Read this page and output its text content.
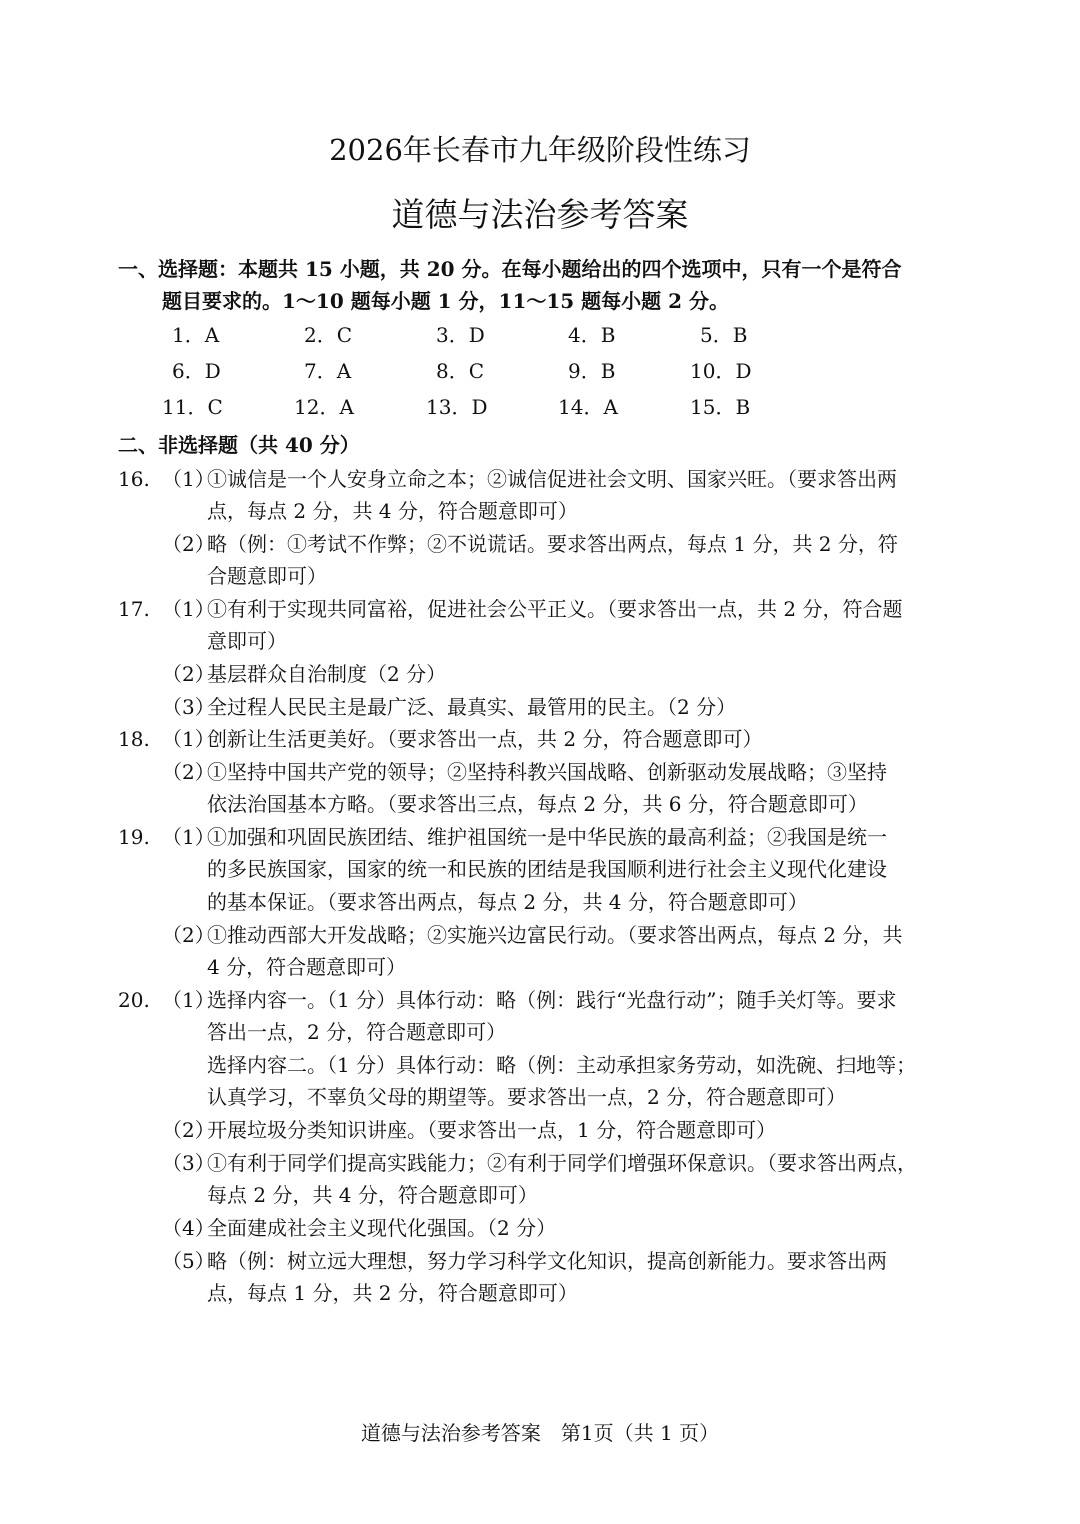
2026年长春市九年级阶段性练习
道德与法治参考答案
一、选择题：本题共 15 小题，共 20 分。在每小题给出的四个选项中，只有一个是符合
题目要求的。1～10 题每小题 1 分，11～15 题每小题 2 分。
1．A	2．C	3．D	4．B	5．B
6．D	7．A	8．C	9．B	10．D
11．C	12．A	13．D	14．A	15．B
二、非选择题（共 40 分）
16. （1）
①诚信是一个人安身立命之本；②诚信促进社会文明、国家兴旺。（要求答出两
点，每点 2 分，共 4 分，符合题意即可）
（2）
略（例：①考试不作弊；②不说谎话。要求答出两点，每点 1 分，共 2 分，符
合题意即可）
17. （1）
①有利于实现共同富裕，促进社会公平正义。（要求答出一点，共 2 分，符合题
意即可）
（2）
基层群众自治制度（2 分）
（3）
全过程人民民主是最广泛、最真实、最管用的民主。（2 分）
18. （1）
创新让生活更美好。（要求答出一点，共 2 分，符合题意即可）
（2）
①坚持中国共产党的领导；②坚持科教兴国战略、创新驱动发展战略；③坚持
依法治国基本方略。（要求答出三点，每点 2 分，共 6 分，符合题意即可）
19. （1）
①加强和巩固民族团结、维护祖国统一是中华民族的最高利益；②我国是统一
的多民族国家，国家的统一和民族的团结是我国顺利进行社会主义现代化建设
的基本保证。（要求答出两点，每点 2 分，共 4 分，符合题意即可）
（2）
①推动西部大开发战略；②实施兴边富民行动。（要求答出两点，每点 2 分，共
4 分，符合题意即可）
20. （1）
选择内容一。（1 分）具体行动：略（例：践行“光盘行动”；随手关灯等。要求
答出一点，2 分，符合题意即可）
选择内容二。（1 分）具体行动：略（例：主动承担家务劳动，如洗碗、扫地等；
认真学习，不辜负父母的期望等。要求答出一点，2 分，符合题意即可）
（2）
开展垃圾分类知识讲座。（要求答出一点，1 分，符合题意即可）
（3）
①有利于同学们提高实践能力；②有利于同学们增强环保意识。（要求答出两点，
每点 2 分，共 4 分，符合题意即可）
（4）
全面建成社会主义现代化强国。（2 分）
（5）
略（例：树立远大理想，努力学习科学文化知识，提高创新能力。要求答出两
点，每点 1 分，共 2 分，符合题意即可）
道德与法治参考答案　第1页（共 1 页）
